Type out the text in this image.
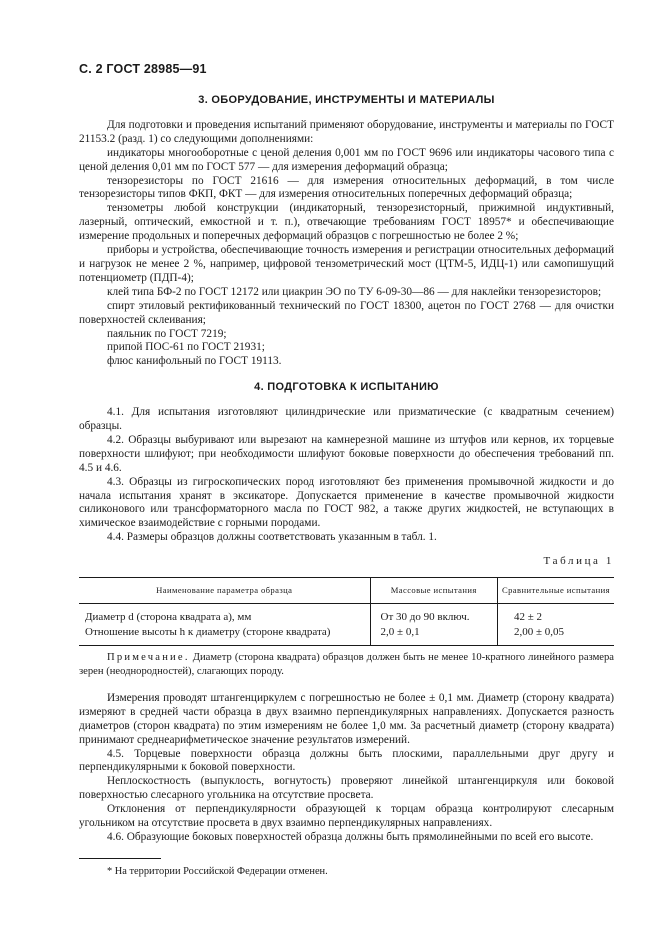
С. 2 ГОСТ 28985—91
3. ОБОРУДОВАНИЕ, ИНСТРУМЕНТЫ И МАТЕРИАЛЫ

Для подготовки и проведения испытаний применяют оборудование, инструменты и материалы по ГОСТ 21153.2 (разд. 1) со следующими дополнениями:

индикаторы многооборотные с ценой деления 0,001 мм по ГОСТ 9696 или индикаторы часового типа с ценой деления 0,01 мм по ГОСТ 577 — для измерения деформаций образца;

тензорезисторы по ГОСТ 21616 — для измерения относительных деформаций, в том числе тензорезисторы типов ФКП, ФКТ — для измерения относительных поперечных деформаций образца;

тензометры любой конструкции (индикаторный, тензорезисторный, прижимной индуктивный, лазерный, оптический, емкостной и т. п.), отвечающие требованиям ГОСТ 18957* и обеспечивающие измерение продольных и поперечных деформаций образцов с погрешностью не более 2 %;

приборы и устройства, обеспечивающие точность измерения и регистрации относительных деформаций и нагрузок не менее 2 %, например, цифровой тензометрический мост (ЦТМ-5, ИДЦ-1) или самопишущий потенциометр (ПДП-4);

клей типа БФ-2 по ГОСТ 12172 или циакрин ЭО по ТУ 6-09-30—86 — для наклейки тензорезисторов;

спирт этиловый ректификованный технический по ГОСТ 18300, ацетон по ГОСТ 2768 — для очистки поверхностей склеивания;

паяльник по ГОСТ 7219;

припой ПОС-61 по ГОСТ 21931;

флюс канифольный по ГОСТ 19113.

4. ПОДГОТОВКА К ИСПЫТАНИЮ

4.1. Для испытания изготовляют цилиндрические или призматические (с квадратным сечением) образцы.

4.2. Образцы выбуривают или вырезают на камнерезной машине из штуфов или кернов, их торцевые поверхности шлифуют; при необходимости шлифуют боковые поверхности до обеспечения требований пп. 4.5 и 4.6.

4.3. Образцы из гигроскопических пород изготовляют без применения промывочной жидкости и до начала испытания хранят в эксикаторе. Допускается применение в качестве промывочной жидкости силиконового или трансформаторного масла по ГОСТ 982, а также других жидкостей, не вступающих в химическое взаимодействие с горными породами.

4.4. Размеры образцов должны соответствовать указанным в табл. 1.

Таблица 1
Наименование параметра образца	Массовые испытания	Сравнительные испытания
Диаметр d (сторона квадрата a), мм	От 30 до 90 включ.	42 ± 2
Отношение высоты h к диаметру (стороне квадрата)	2,0 ± 0,1	2,00 ± 0,05

Примечание. Диаметр (сторона квадрата) образцов должен быть не менее 10-кратного линейного размера зерен (неоднородностей), слагающих породу.

Измерения проводят штангенциркулем с погрешностью не более ± 0,1 мм. Диаметр (сторону квадрата) измеряют в средней части образца в двух взаимно перпендикулярных направлениях. Допускается разность диаметров (сторон квадрата) по этим измерениям не более 1,0 мм. За расчетный диаметр (сторону квадрата) принимают среднеарифметическое значение результатов измерений.

4.5. Торцевые поверхности образца должны быть плоскими, параллельными друг другу и перпендикулярными к боковой поверхности.

Неплоскостность (выпуклость, вогнутость) проверяют линейкой штангенциркуля или боковой поверхностью слесарного угольника на отсутствие просвета.

Отклонения от перпендикулярности образующей к торцам образца контролируют слесарным угольником на отсутствие просвета в двух взаимно перпендикулярных направлениях.

4.6. Образующие боковых поверхностей образца должны быть прямолинейными по всей его высоте.

* На территории Российской Федерации отменен.
